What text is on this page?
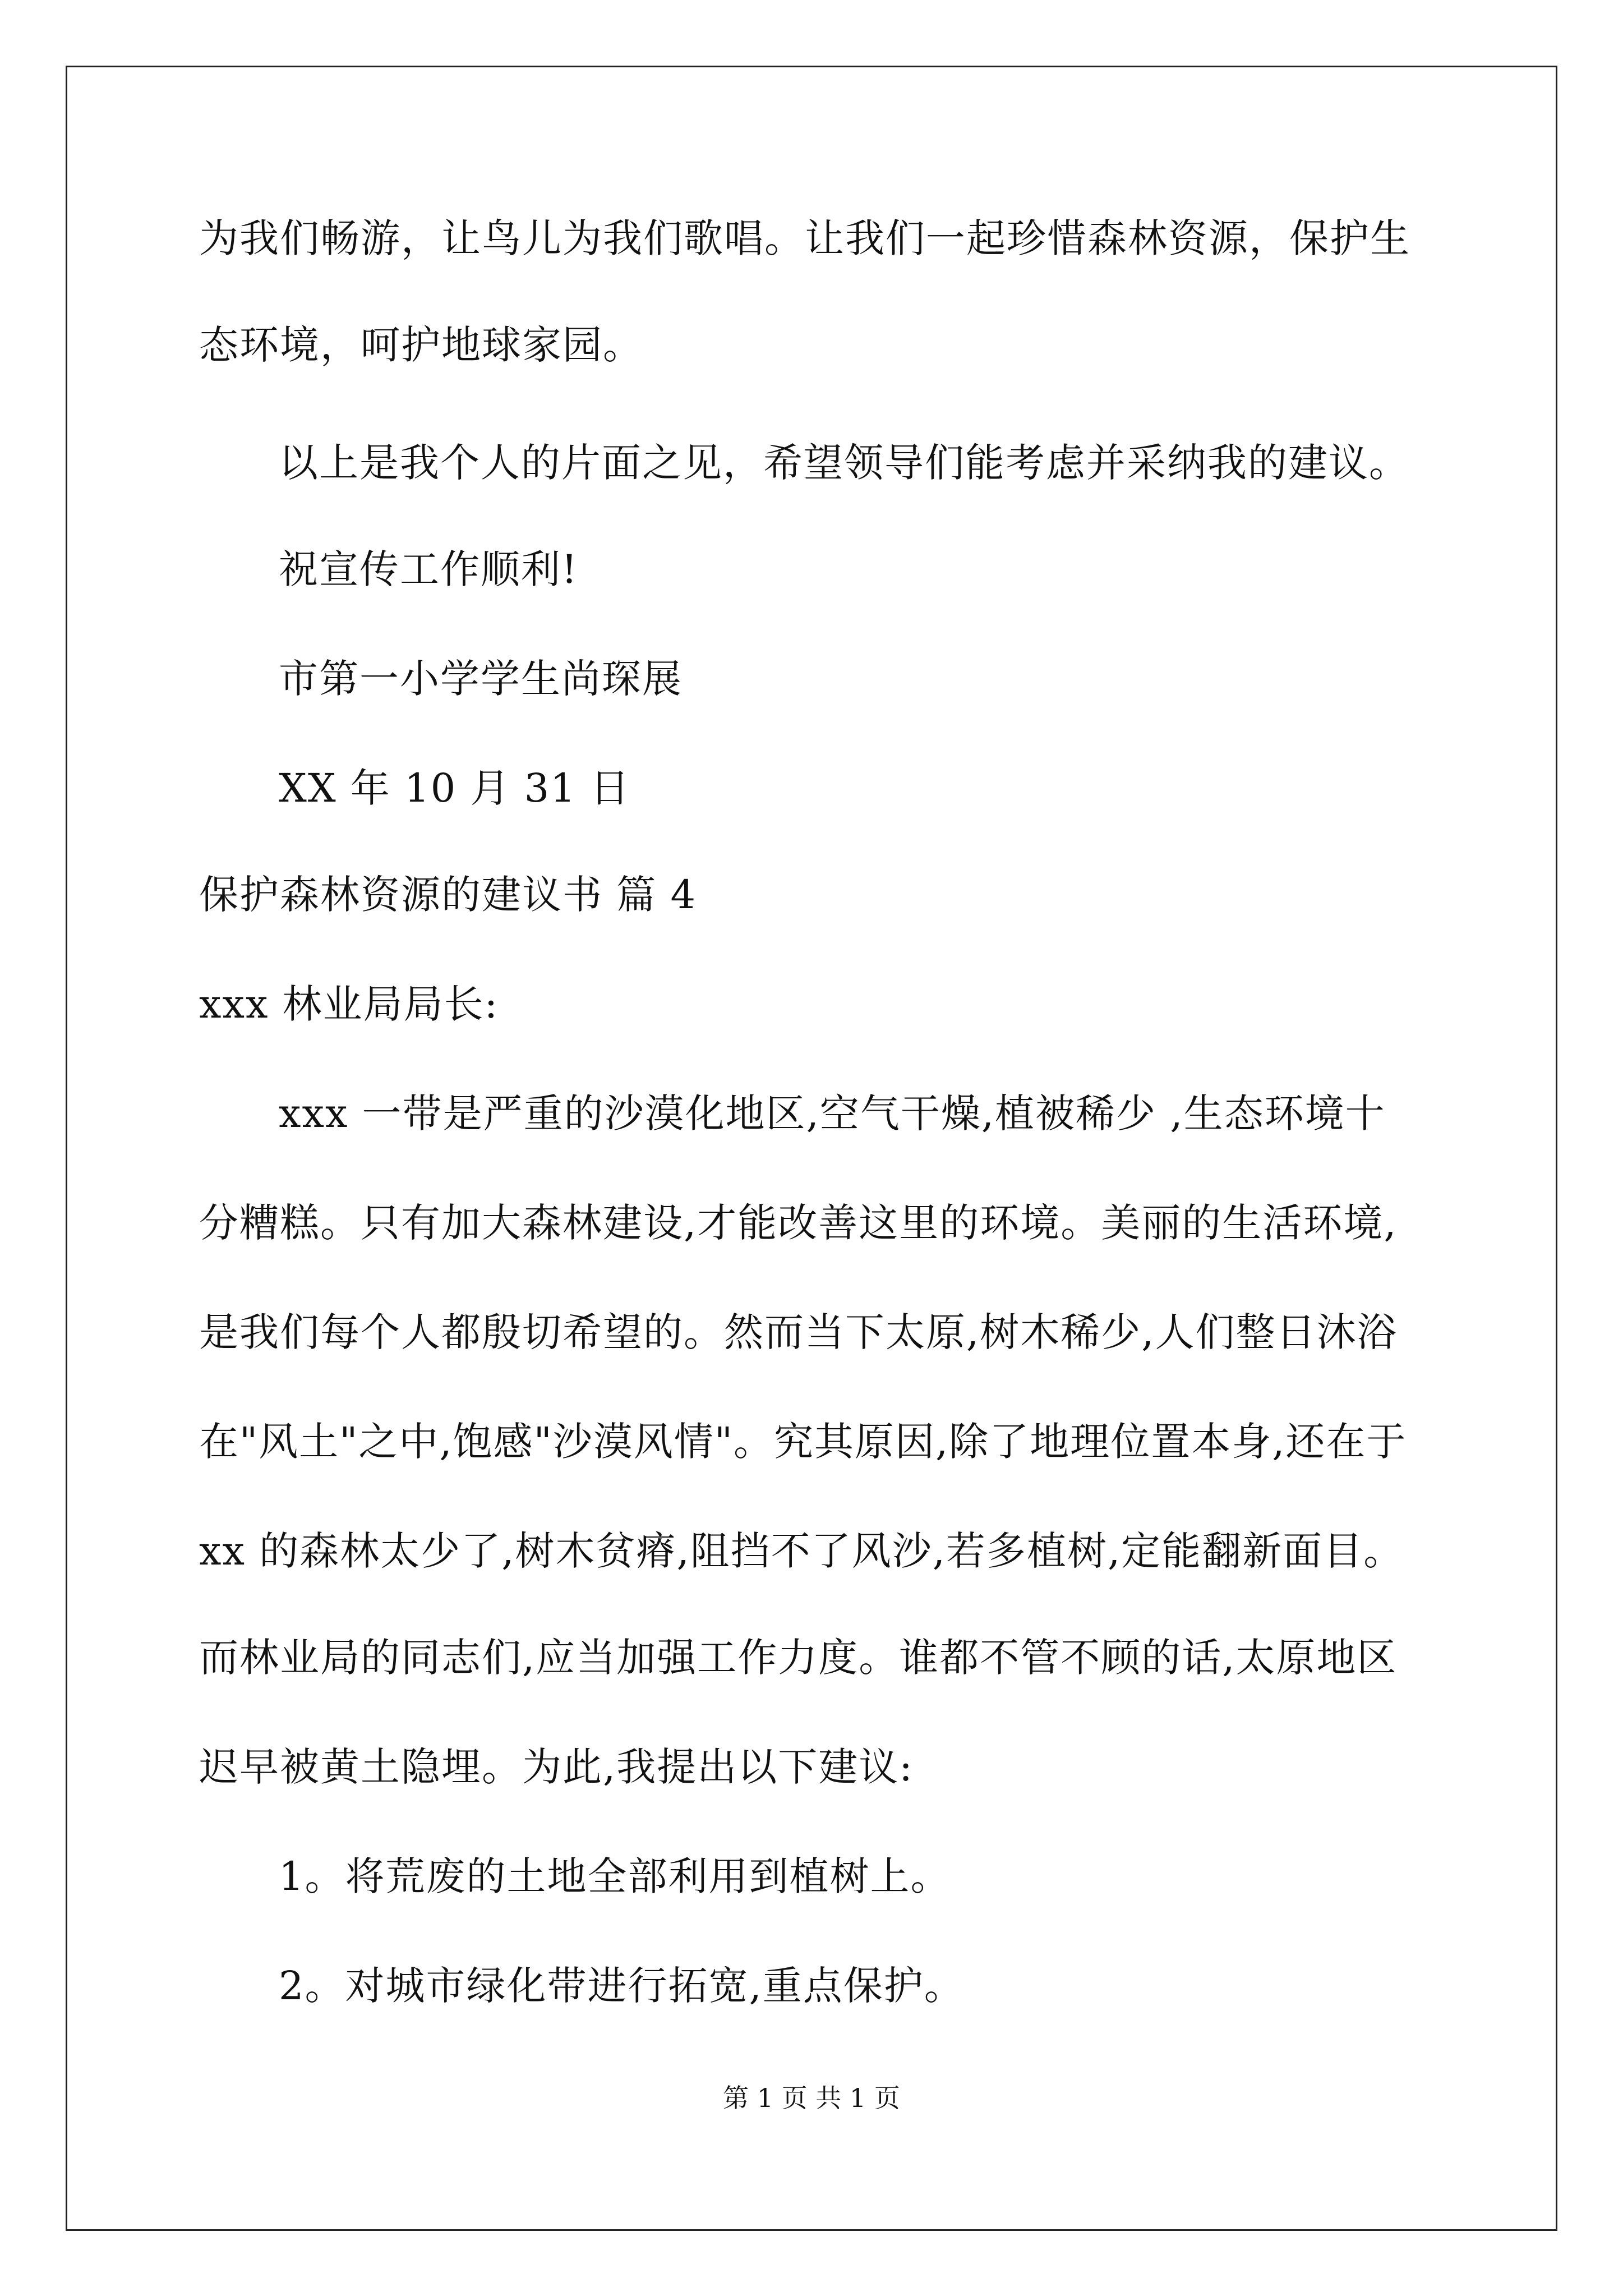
为我们畅游，让鸟儿为我们歌唱。让我们一起珍惜森林资源，保护生
态环境，呵护地球家园。
以上是我个人的片面之见，希望领导们能考虑并采纳我的建议。
祝宣传工作顺利!
市第一小学学生尚琛展
XX 年 10 月 31 日
保护森林资源的建议书 篇 4
xxx 林业局局长:
xxx 一带是严重的沙漠化地区,空气干燥,植被稀少 ,生态环境十
分糟糕。只有加大森林建设,才能改善这里的环境。美丽的生活环境,
是我们每个人都殷切希望的。然而当下太原,树木稀少,人们整日沐浴
在"风土"之中,饱感"沙漠风情"。究其原因,除了地理位置本身,还在于
xx 的森林太少了,树木贫瘠,阻挡不了风沙,若多植树,定能翻新面目。
而林业局的同志们,应当加强工作力度。谁都不管不顾的话,太原地区
迟早被黄土隐埋。为此,我提出以下建议:
1。将荒废的土地全部利用到植树上。
2。对城市绿化带进行拓宽,重点保护。
第 1 页 共 1 页
